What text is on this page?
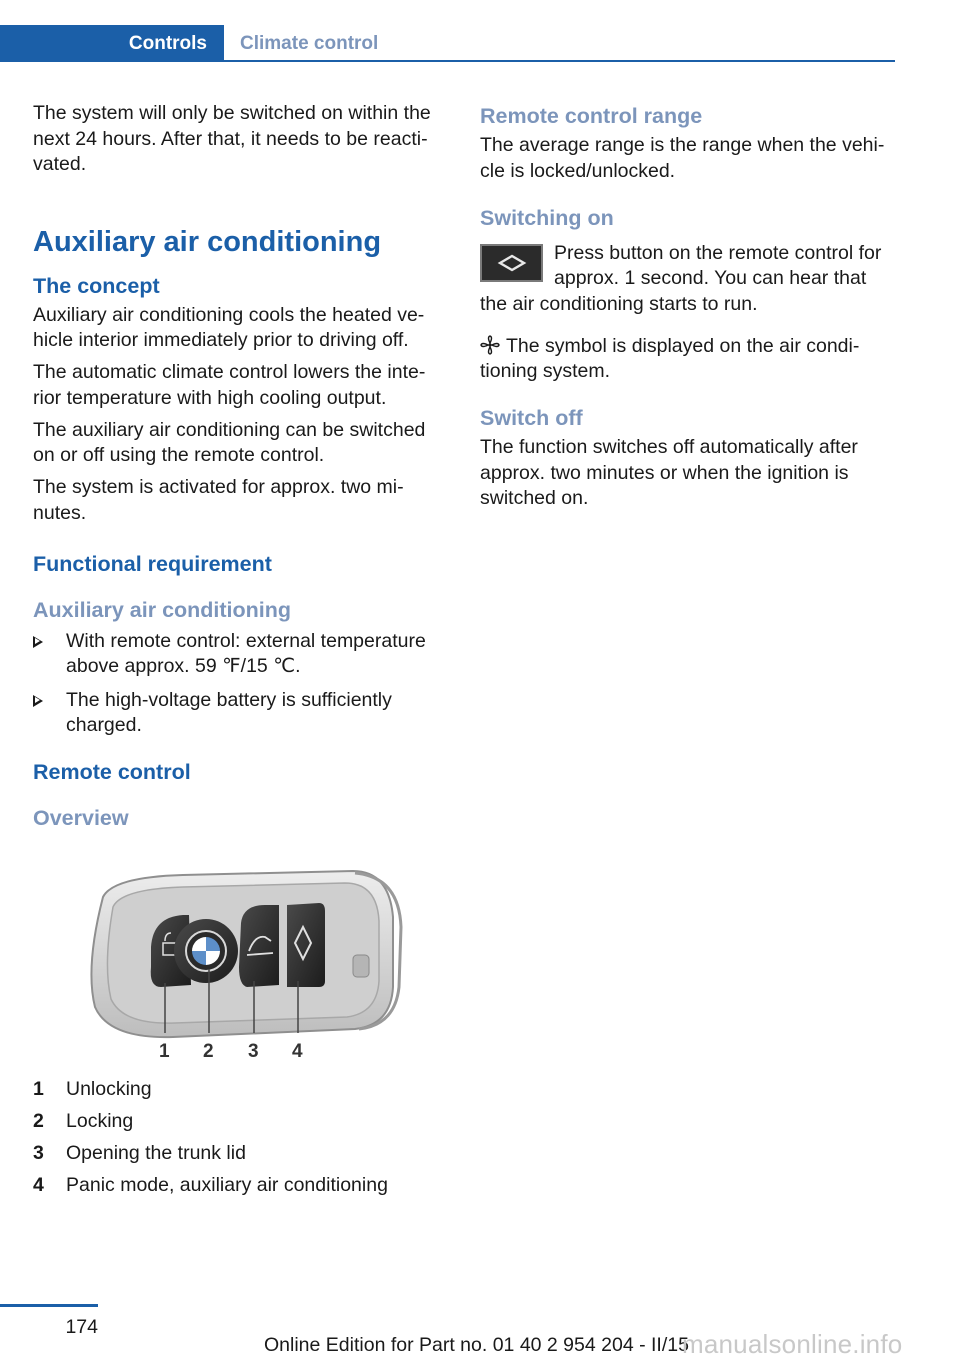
Controls	Climate control

The system will only be switched on within the next 24 hours. After that, it needs to be reacti‐vated.

Auxiliary air conditioning
The concept

Auxiliary air conditioning cools the heated ve‐hicle interior immediately prior to driving off.

The automatic climate control lowers the inte‐rior temperature with high cooling output.

The auxiliary air conditioning can be switched on or off using the remote control.

The system is activated for approx. two mi‐nutes.

Functional requirement
Auxiliary air conditioning
With remote control: external temperature above approx. 59 ℉/15 ℃.
The high-voltage battery is sufficiently charged.
Remote control
Overview
1 2 3 4
1	Unlocking
2	Locking
3	Opening the trunk lid
4	Panic mode, auxiliary air conditioning
Remote control range

The average range is the range when the vehi‐cle is locked/unlocked.

Switching on

Press button on the remote control for approx. 1 second. You can hear that the air conditioning starts to run.

The symbol is displayed on the air condi‐tioning system.

Switch off

The function switches off automatically after approx. two minutes or when the ignition is switched on.

174
Online Edition for Part no. 01 40 2 954 204 - II/15
manualsonline.info
